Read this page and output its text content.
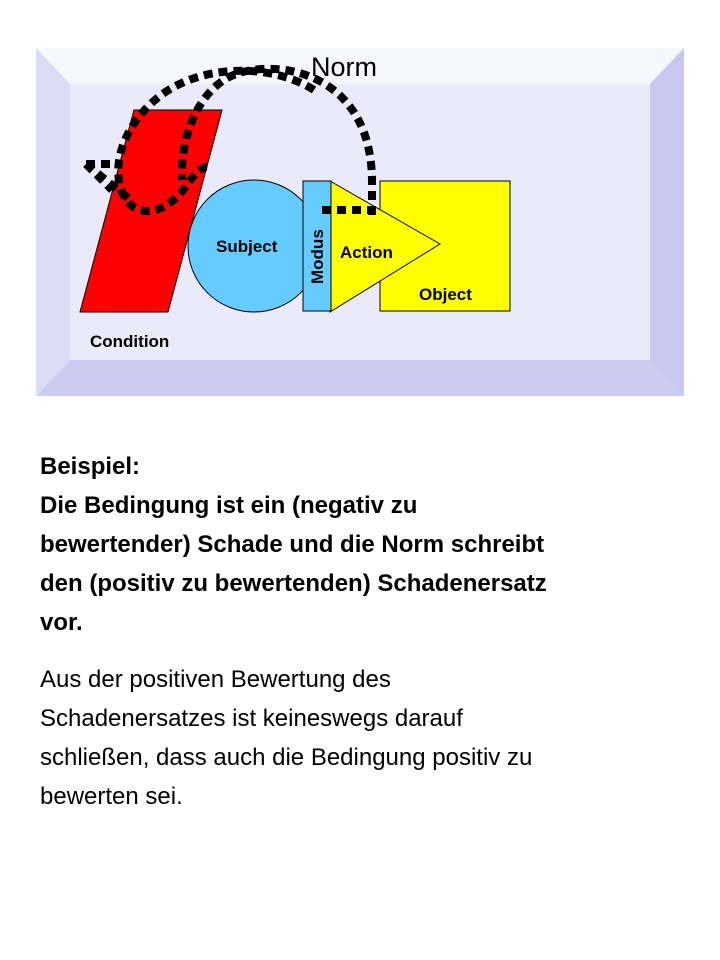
Norm
Subject Modus Action
Object
Condition
Beispiel:
Die Bedingung ist ein (negativ zu
bewertender) Schade und die Norm schreibt
den (positiv zu bewertenden) Schadenersatz
vor.
Aus der positiven Bewertung des
Schadenersatzes ist keineswegs darauf
schließen, dass auch die Bedingung positiv zu
bewerten sei.
